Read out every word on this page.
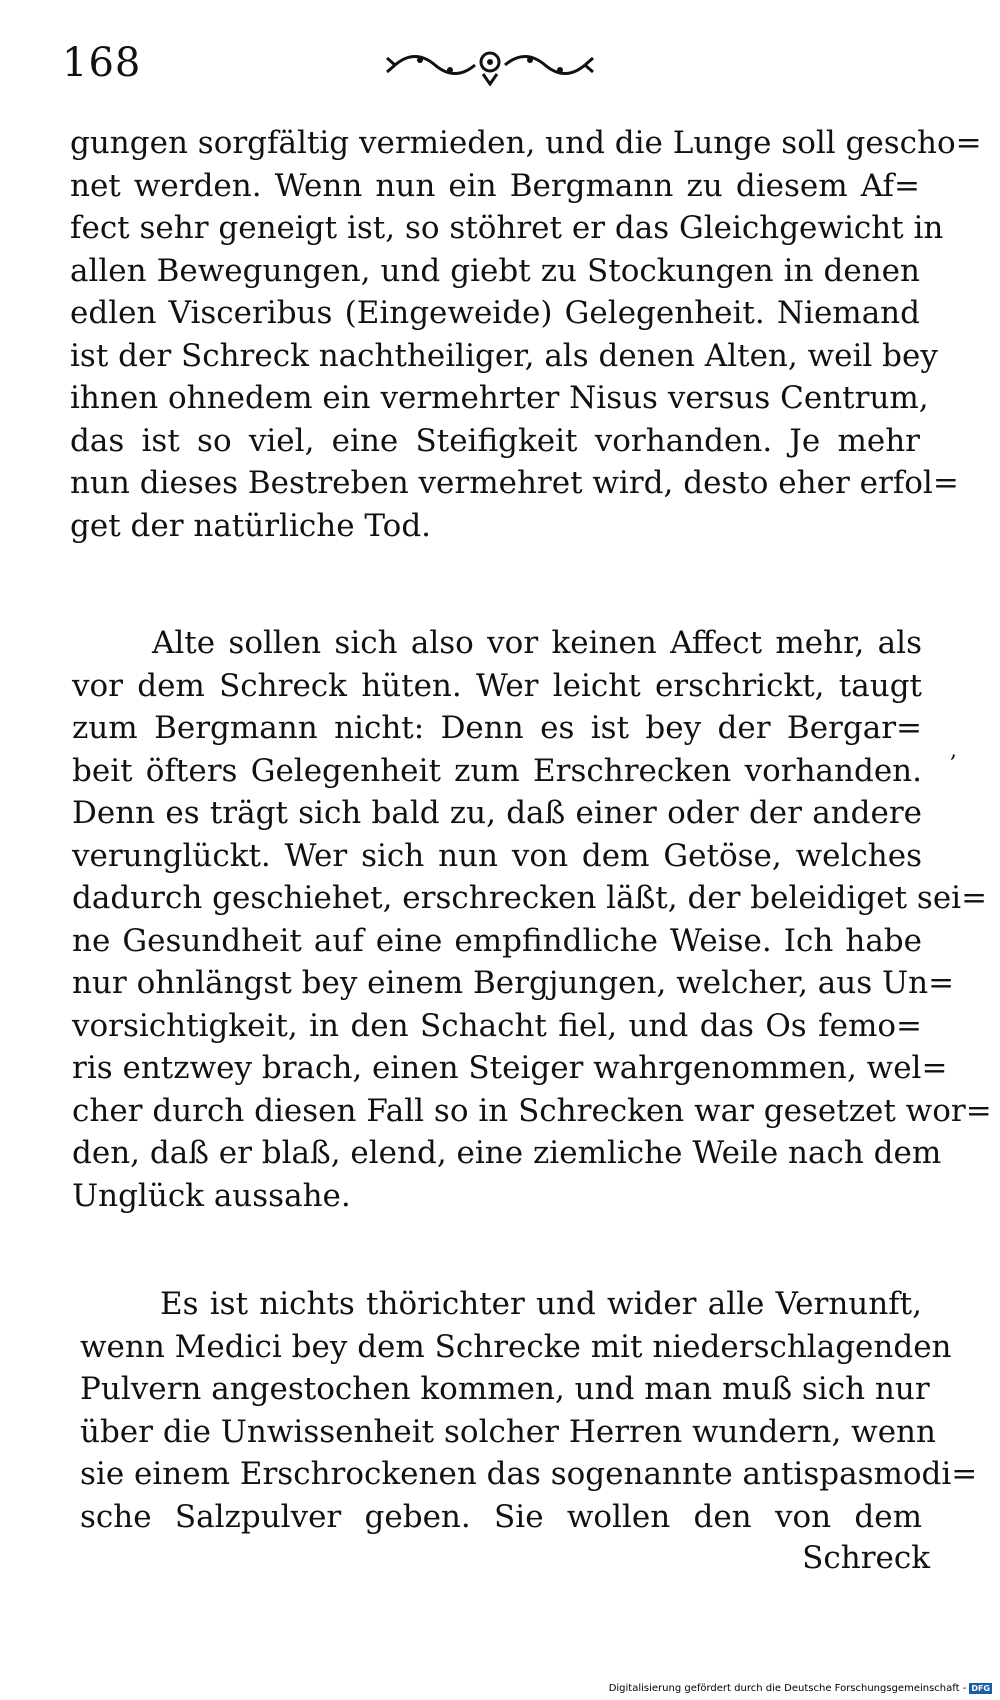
168
gungen sorgfältig vermieden, und die Lunge soll gescho=
net werden. Wenn nun ein Bergmann zu diesem Af=
fect sehr geneigt ist, so stöhret er das Gleichgewicht in
allen Bewegungen, und giebt zu Stockungen in denen
edlen Visceribus (Eingeweide) Gelegenheit. Niemand
ist der Schreck nachtheiliger, als denen Alten, weil bey
ihnen ohnedem ein vermehrter Nisus versus Centrum,
das ist so viel, eine Steifigkeit vorhanden. Je mehr
nun dieses Bestreben vermehret wird, desto eher erfol=
get der natürliche Tod.
Alte sollen sich also vor keinen Affect mehr, als
vor dem Schreck hüten. Wer leicht erschrickt, taugt
zum Bergmann nicht: Denn es ist bey der Bergar=
beit öfters Gelegenheit zum Erschrecken vorhanden.
Denn es trägt sich bald zu, daß einer oder der andere
verunglückt. Wer sich nun von dem Getöse, welches
dadurch geschiehet, erschrecken läßt, der beleidiget sei=
ne Gesundheit auf eine empfindliche Weise. Ich habe
nur ohnlängst bey einem Bergjungen, welcher, aus Un=
vorsichtigkeit, in den Schacht fiel, und das Os femo=
ris entzwey brach, einen Steiger wahrgenommen, wel=
cher durch diesen Fall so in Schrecken war gesetzet wor=
den, daß er blaß, elend, eine ziemliche Weile nach dem
Unglück aussahe.
,
Es ist nichts thörichter und wider alle Vernunft,
wenn Medici bey dem Schrecke mit niederschlagenden
Pulvern angestochen kommen, und man muß sich nur
über die Unwissenheit solcher Herren wundern, wenn
sie einem Erschrockenen das sogenannte antispasmodi=
sche Salzpulver geben. Sie wollen den von dem
Schreck
Digitalisierung gefördert durch die Deutsche Forschungsgemeinschaft - DFG
